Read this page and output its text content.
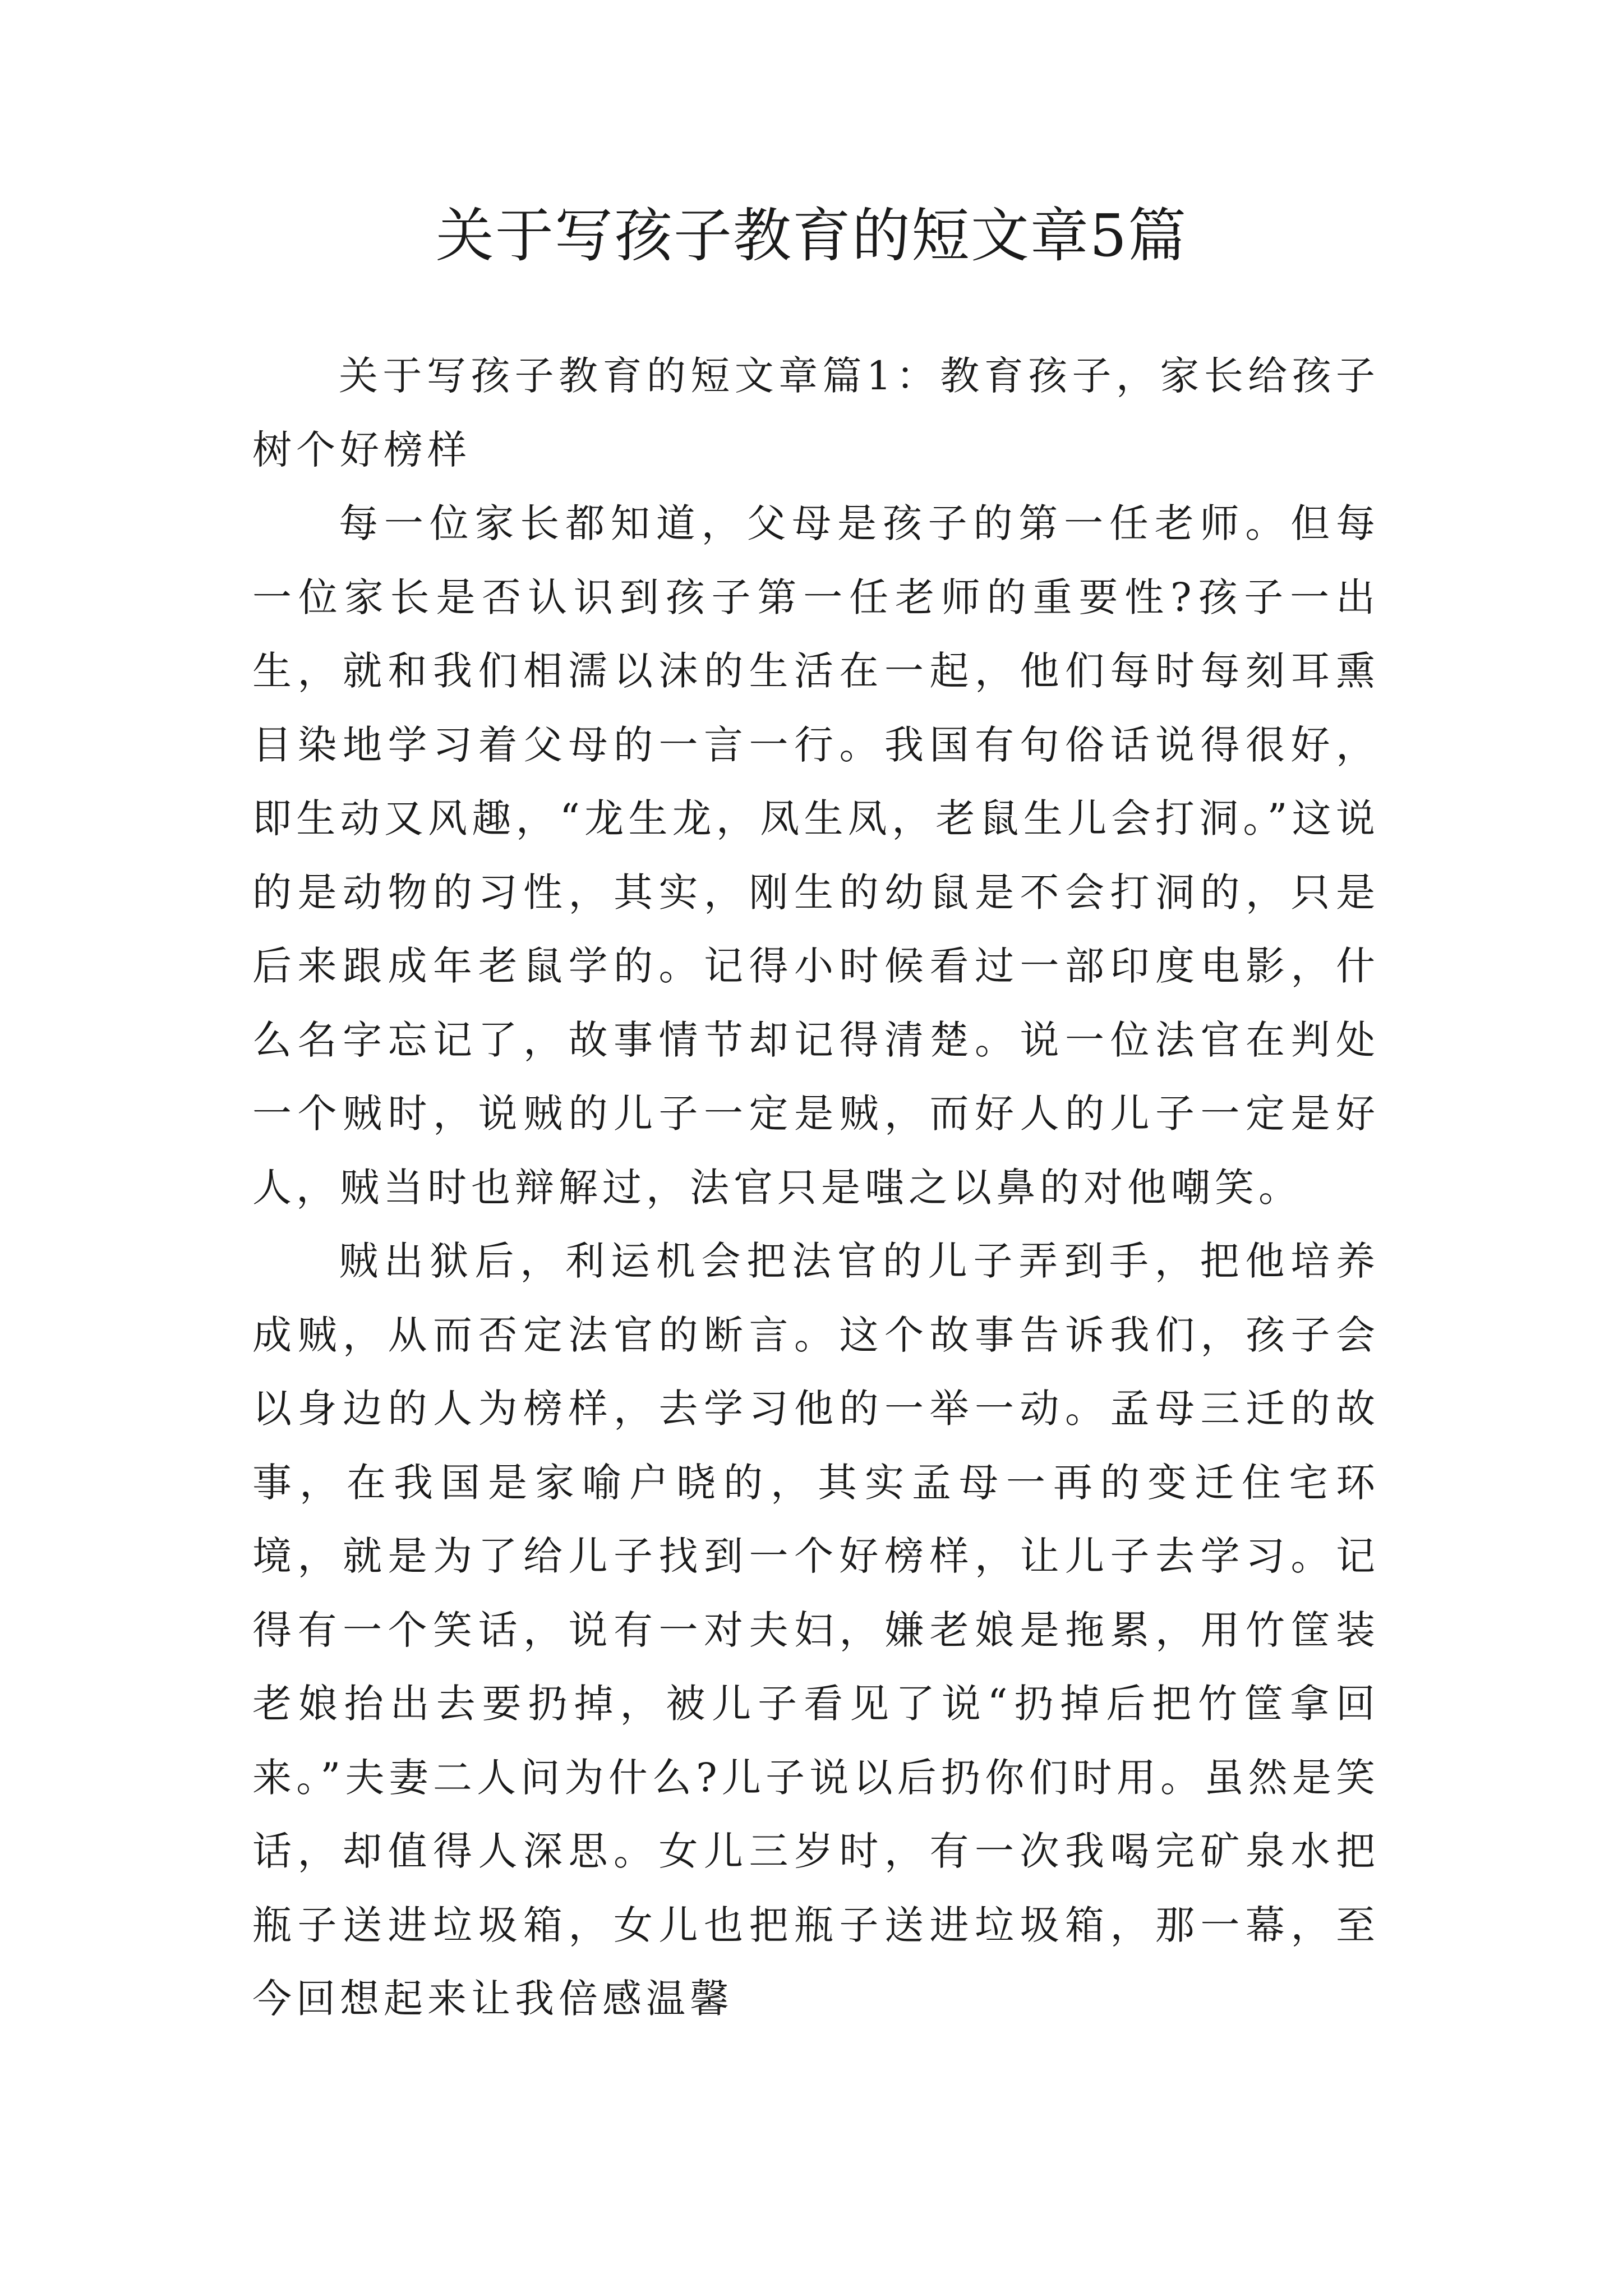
关于写孩子教育的短文章5篇

关于写孩子教育的短文章篇1：教育孩子，家长给孩子树个好榜样

每一位家长都知道，父母是孩子的第一任老师。但每一位家长是否认识到孩子第一任老师的重要性?孩子一出生，就和我们相濡以沫的生活在一起，他们每时每刻耳熏目染地学习着父母的一言一行。我国有句俗话说得很好，即生动又风趣，“龙生龙，凤生凤，老鼠生儿会打洞。”这说的是动物的习性，其实，刚生的幼鼠是不会打洞的，只是后来跟成年老鼠学的。记得小时候看过一部印度电影，什么名字忘记了，故事情节却记得清楚。说一位法官在判处一个贼时，说贼的儿子一定是贼，而好人的儿子一定是好人，贼当时也辩解过，法官只是嗤之以鼻的对他嘲笑。

贼出狱后，利运机会把法官的儿子弄到手，把他培养成贼，从而否定法官的断言。这个故事告诉我们，孩子会以身边的人为榜样，去学习他的一举一动。孟母三迁的故事，在我国是家喻户晓的，其实孟母一再的变迁住宅环境，就是为了给儿子找到一个好榜样，让儿子去学习。记得有一个笑话，说有一对夫妇，嫌老娘是拖累，用竹筐装老娘抬出去要扔掉，被儿子看见了说“扔掉后把竹筐拿回来。”夫妻二人问为什么?儿子说以后扔你们时用。虽然是笑话，却值得人深思。女儿三岁时，有一次我喝完矿泉水把瓶子送进垃圾箱，女儿也把瓶子送进垃圾箱，那一幕，至今回想起来让我倍感温馨
